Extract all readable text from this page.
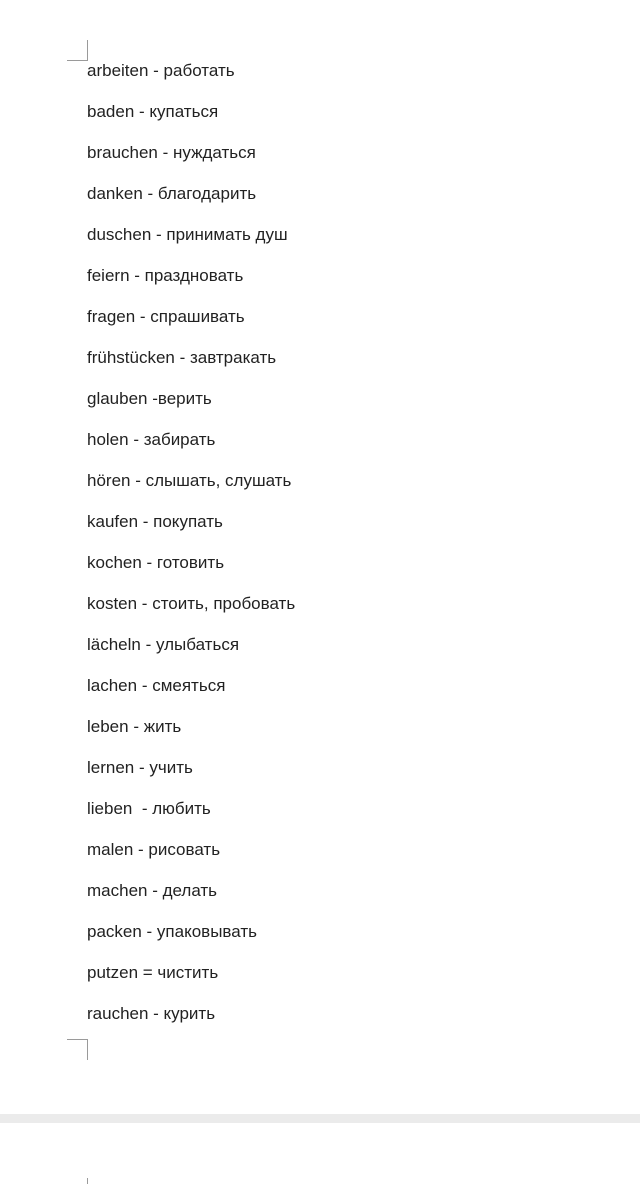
arbeiten - работать
baden - купаться
brauchen - нуждаться
danken - благодарить
duschen - принимать душ
feiern - праздновать
fragen - спрашивать
frühstücken - завтракать
glauben -верить
holen - забирать
hören - слышать, слушать
kaufen - покупать
kochen - готовить
kosten - стоить, пробовать
lächeln - улыбаться
lachen - смеяться
leben - жить
lernen - учить
lieben  - любить
malen - рисовать
machen - делать
packen - упаковывать
putzen = чистить
rauchen - курить
